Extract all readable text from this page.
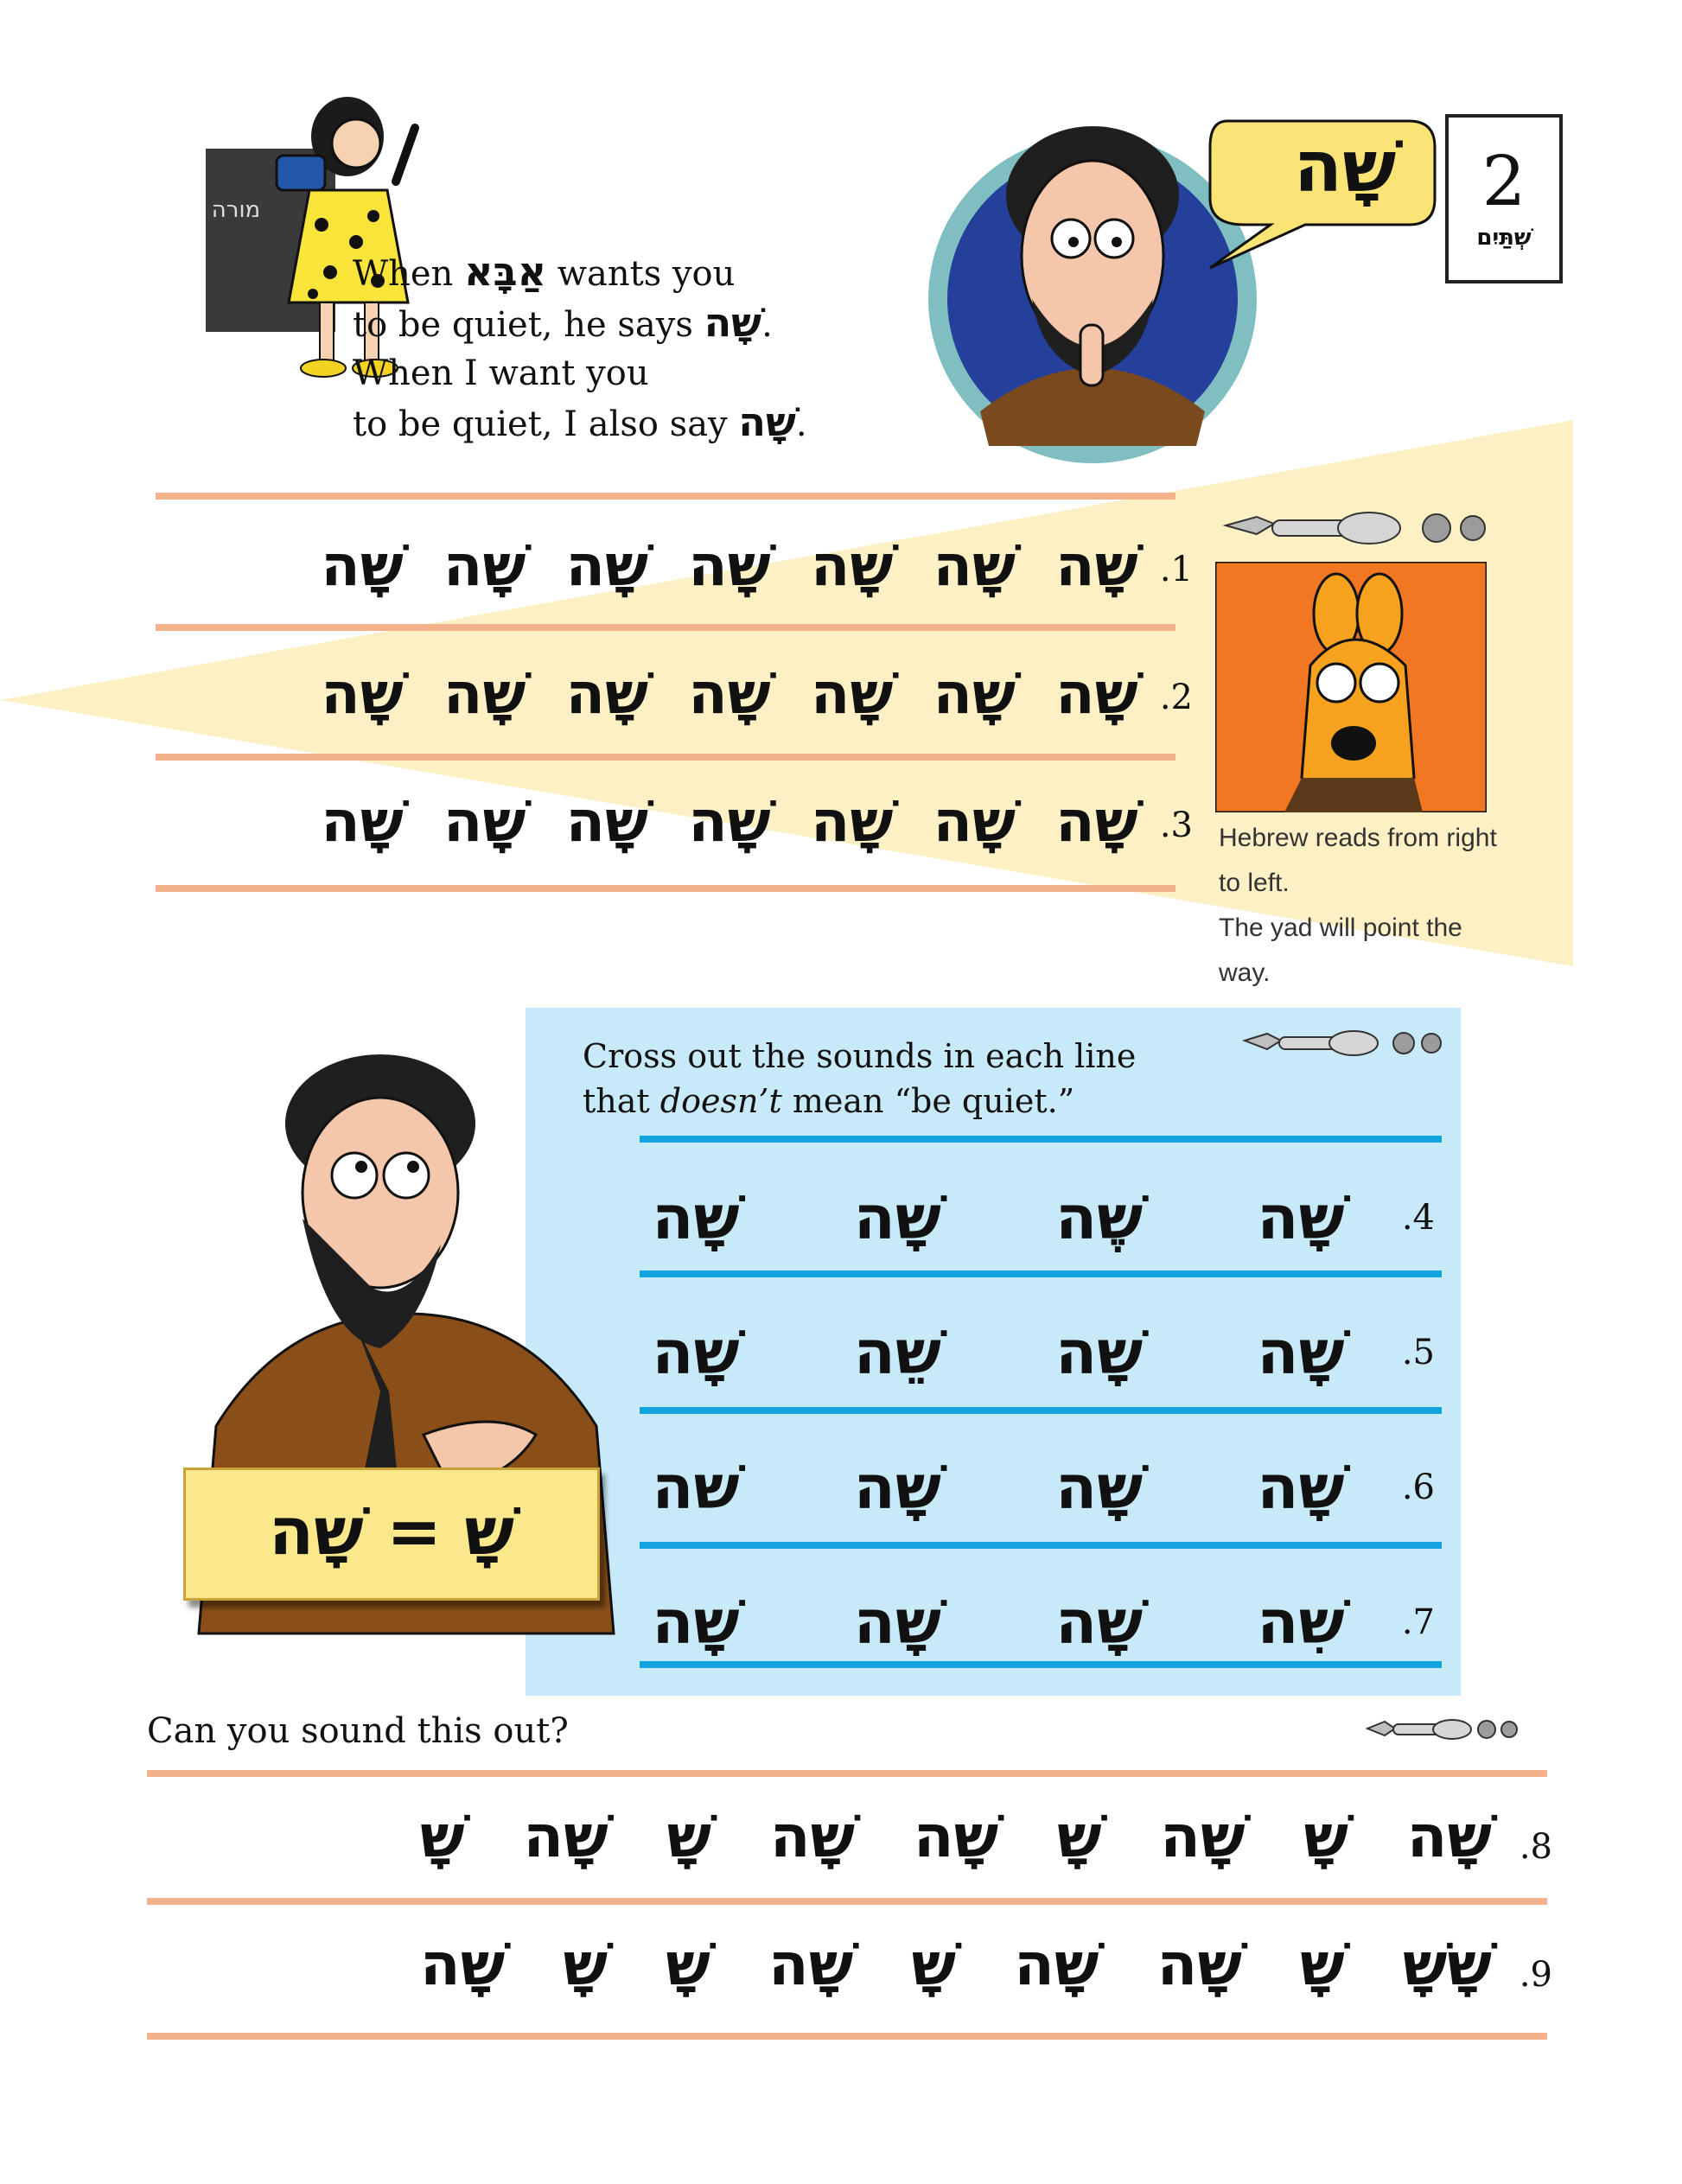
מורה
When אַבָּא wants you
to be quiet, he says שָׁה.
When I want you
to be quiet, I also say שָׁה.
שָׁה	2
שְׁתַּיִם
.1
שָׁה שָׁה שָׁה שָׁה שָׁה שָׁה שָׁה
.2
שָׁה שָׁה שָׁה שָׁה שָׁה שָׁה שָׁה
.3
שָׁה שָׁה שָׁה שָׁה שָׁה שָׁה שָׁה	Hebrew reads from right to left.
The yad will point the way.
Cross out the sounds in each line
that doesn’t mean “be quiet.”
.4
שָׁה שָׁה שֶׁה שָׁה
.5
שָׁה שֵׁה שָׁה שָׁה
.6
שׁה שָׁה שָׁה שָׁה
.7
שָׁה שָׁה שָׁה שִׁה
שָׁ = שָׁה
Can you sound this out?
.8
שָׁ שָׁה שָׁ שָׁה שָׁה שָׁ שָׁה שָׁ שָׁה
.9
שָׁה שָׁ שָׁ שָׁה שָׁ שָׁה שָׁה שָׁ שָׁשָׁ
